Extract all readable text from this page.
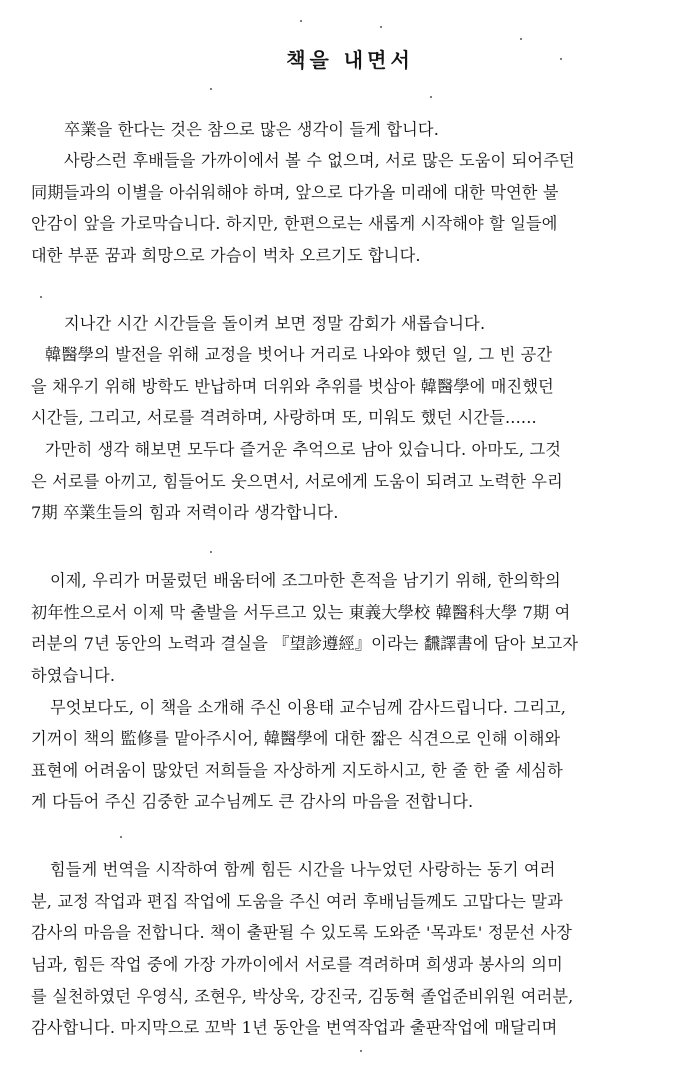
책을 내면서
卒業을 한다는 것은 참으로 많은 생각이 들게 합니다.
사랑스런 후배들을 가까이에서 볼 수 없으며, 서로 많은 도움이 되어주던
同期들과의 이별을 아쉬워해야 하며, 앞으로 다가올 미래에 대한 막연한 불
안감이 앞을 가로막습니다. 하지만, 한편으로는 새롭게 시작해야 할 일들에
대한 부푼 꿈과 희망으로 가슴이 벅차 오르기도 합니다.
지나간 시간 시간들을 돌이켜 보면 정말 감회가 새롭습니다.
韓醫學의 발전을 위해 교정을 벗어나 거리로 나와야 했던 일, 그 빈 공간
을 채우기 위해 방학도 반납하며 더위와 추위를 벗삼아 韓醫學에 매진했던
시간들, 그리고, 서로를 격려하며, 사랑하며 또, 미워도 했던 시간들......
가만히 생각 해보면 모두다 즐거운 추억으로 남아 있습니다. 아마도, 그것
은 서로를 아끼고, 힘들어도 웃으면서, 서로에게 도움이 되려고 노력한 우리
7期 卒業生들의 힘과 저력이라 생각합니다.
이제, 우리가 머물렀던 배움터에 조그마한 흔적을 남기기 위해, 한의학의
初年性으로서 이제 막 출발을 서두르고 있는 東義大學校 韓醫科大學 7期 여
러분의 7년 동안의 노력과 결실을 『望診遵經』이라는 飜譯書에 담아 보고자
하였습니다.
무엇보다도, 이 책을 소개해 주신 이용태 교수님께 감사드립니다. 그리고,
기꺼이 책의 監修를 맡아주시어, 韓醫學에 대한 짧은 식견으로 인해 이해와
표현에 어려움이 많았던 저희들을 자상하게 지도하시고, 한 줄 한 줄 세심하
게 다듬어 주신 김중한 교수님께도 큰 감사의 마음을 전합니다.
힘들게 번역을 시작하여 함께 힘든 시간을 나누었던 사랑하는 동기 여러
분, 교정 작업과 편집 작업에 도움을 주신 여러 후배님들께도 고맙다는 말과
감사의 마음을 전합니다. 책이 출판될 수 있도록 도와준 '목과토' 정문선 사장
님과, 힘든 작업 중에 가장 가까이에서 서로를 격려하며 희생과 봉사의 의미
를 실천하였던 우영식, 조현우, 박상욱, 강진국, 김동혁 졸업준비위원 여러분,
감사합니다. 마지막으로 꼬박 1년 동안을 번역작업과 출판작업에 매달리며
